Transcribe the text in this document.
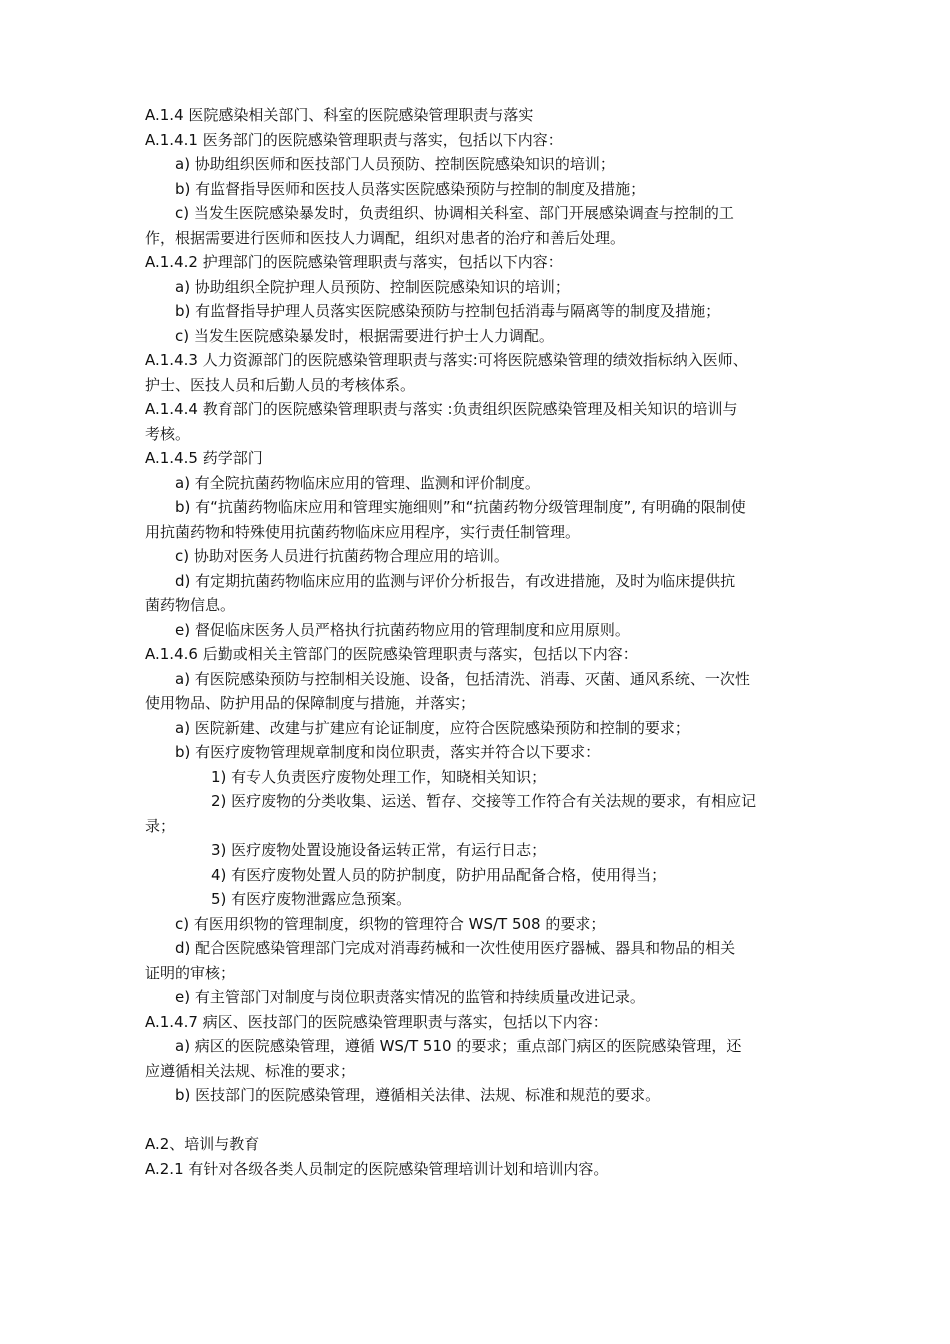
A.1.4 医院感染相关部门、科室的医院感染管理职责与落实
A.1.4.1 医务部门的医院感染管理职责与落实，包括以下内容：
a) 协助组织医师和医技部门人员预防、控制医院感染知识的培训；
b) 有监督指导医师和医技人员落实医院感染预防与控制的制度及措施；
c) 当发生医院感染暴发时，负责组织、协调相关科室、部门开展感染调查与控制的工
作，根据需要进行医师和医技人力调配，组织对患者的治疗和善后处理。
A.1.4.2 护理部门的医院感染管理职责与落实，包括以下内容：
a) 协助组织全院护理人员预防、控制医院感染知识的培训；
b) 有监督指导护理人员落实医院感染预防与控制包括消毒与隔离等的制度及措施；
c) 当发生医院感染暴发时，根据需要进行护士人力调配。
A.1.4.3 人力资源部门的医院感染管理职责与落实:可将医院感染管理的绩效指标纳入医师、
护士、医技人员和后勤人员的考核体系。
A.1.4.4 教育部门的医院感染管理职责与落实 :负责组织医院感染管理及相关知识的培训与
考核。
A.1.4.5 药学部门
a) 有全院抗菌药物临床应用的管理、监测和评价制度。
b) 有“抗菌药物临床应用和管理实施细则”和“抗菌药物分级管理制度”, 有明确的限制使
用抗菌药物和特殊使用抗菌药物临床应用程序，实行责任制管理。
c) 协助对医务人员进行抗菌药物合理应用的培训。
d) 有定期抗菌药物临床应用的监测与评价分析报告，有改进措施，及时为临床提供抗
菌药物信息。
e) 督促临床医务人员严格执行抗菌药物应用的管理制度和应用原则。
A.1.4.6 后勤或相关主管部门的医院感染管理职责与落实，包括以下内容：
a) 有医院感染预防与控制相关设施、设备，包括清洗、消毒、灭菌、通风系统、一次性
使用物品、防护用品的保障制度与措施，并落实；
a) 医院新建、改建与扩建应有论证制度，应符合医院感染预防和控制的要求；
b) 有医疗废物管理规章制度和岗位职责，落实并符合以下要求：
1) 有专人负责医疗废物处理工作，知晓相关知识；
2) 医疗废物的分类收集、运送、暂存、交接等工作符合有关法规的要求，有相应记
录；
3) 医疗废物处置设施设备运转正常，有运行日志；
4) 有医疗废物处置人员的防护制度，防护用品配备合格，使用得当；
5) 有医疗废物泄露应急预案。
c) 有医用织物的管理制度，织物的管理符合 WS/T 508 的要求；
d) 配合医院感染管理部门完成对消毒药械和一次性使用医疗器械、器具和物品的相关
证明的审核；
e) 有主管部门对制度与岗位职责落实情况的监管和持续质量改进记录。
A.1.4.7 病区、医技部门的医院感染管理职责与落实，包括以下内容：
a) 病区的医院感染管理，遵循 WS/T 510 的要求；重点部门病区的医院感染管理，还
应遵循相关法规、标准的要求；
b) 医技部门的医院感染管理，遵循相关法律、法规、标准和规范的要求。
A.2、培训与教育
A.2.1 有针对各级各类人员制定的医院感染管理培训计划和培训内容。
